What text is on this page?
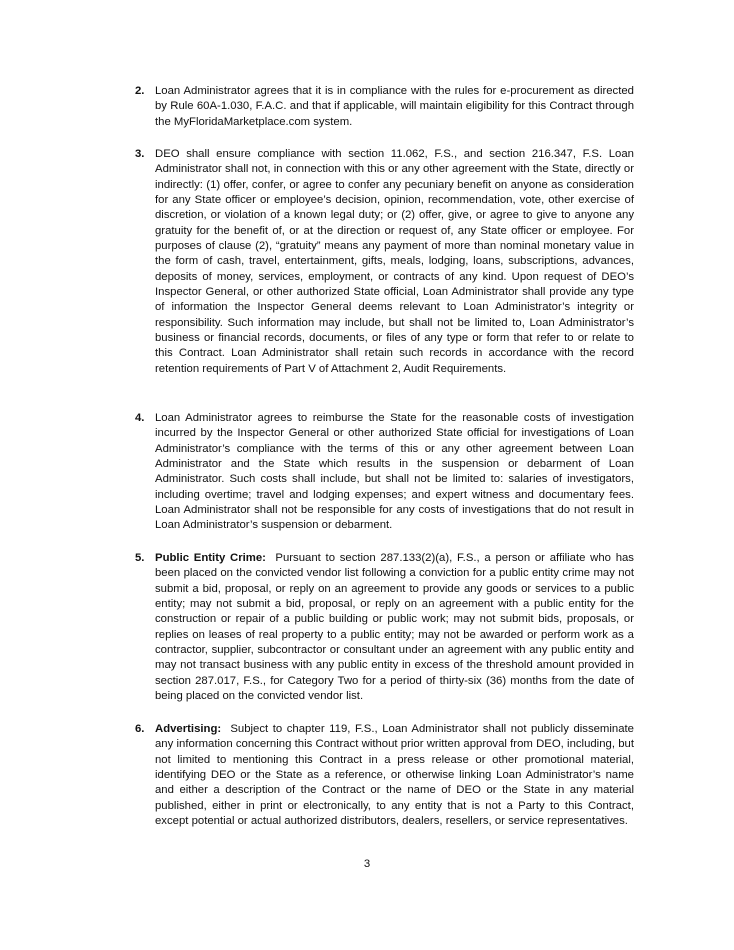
2. Loan Administrator agrees that it is in compliance with the rules for e-procurement as directed by Rule 60A-1.030, F.A.C. and that if applicable, will maintain eligibility for this Contract through the MyFloridaMarketplace.com system.
3. DEO shall ensure compliance with section 11.062, F.S., and section 216.347, F.S. Loan Administrator shall not, in connection with this or any other agreement with the State, directly or indirectly: (1) offer, confer, or agree to confer any pecuniary benefit on anyone as consideration for any State officer or employee’s decision, opinion, recommendation, vote, other exercise of discretion, or violation of a known legal duty; or (2) offer, give, or agree to give to anyone any gratuity for the benefit of, or at the direction or request of, any State officer or employee. For purposes of clause (2), “gratuity” means any payment of more than nominal monetary value in the form of cash, travel, entertainment, gifts, meals, lodging, loans, subscriptions, advances, deposits of money, services, employment, or contracts of any kind. Upon request of DEO’s Inspector General, or other authorized State official, Loan Administrator shall provide any type of information the Inspector General deems relevant to Loan Administrator’s integrity or responsibility. Such information may include, but shall not be limited to, Loan Administrator’s business or financial records, documents, or files of any type or form that refer to or relate to this Contract. Loan Administrator shall retain such records in accordance with the record retention requirements of Part V of Attachment 2, Audit Requirements.
4. Loan Administrator agrees to reimburse the State for the reasonable costs of investigation incurred by the Inspector General or other authorized State official for investigations of Loan Administrator’s compliance with the terms of this or any other agreement between Loan Administrator and the State which results in the suspension or debarment of Loan Administrator. Such costs shall include, but shall not be limited to: salaries of investigators, including overtime; travel and lodging expenses; and expert witness and documentary fees. Loan Administrator shall not be responsible for any costs of investigations that do not result in Loan Administrator’s suspension or debarment.
5. Public Entity Crime: Pursuant to section 287.133(2)(a), F.S., a person or affiliate who has been placed on the convicted vendor list following a conviction for a public entity crime may not submit a bid, proposal, or reply on an agreement to provide any goods or services to a public entity; may not submit a bid, proposal, or reply on an agreement with a public entity for the construction or repair of a public building or public work; may not submit bids, proposals, or replies on leases of real property to a public entity; may not be awarded or perform work as a contractor, supplier, subcontractor or consultant under an agreement with any public entity and may not transact business with any public entity in excess of the threshold amount provided in section 287.017, F.S., for Category Two for a period of thirty-six (36) months from the date of being placed on the convicted vendor list.
6. Advertising: Subject to chapter 119, F.S., Loan Administrator shall not publicly disseminate any information concerning this Contract without prior written approval from DEO, including, but not limited to mentioning this Contract in a press release or other promotional material, identifying DEO or the State as a reference, or otherwise linking Loan Administrator’s name and either a description of the Contract or the name of DEO or the State in any material published, either in print or electronically, to any entity that is not a Party to this Contract, except potential or actual authorized distributors, dealers, resellers, or service representatives.
3
